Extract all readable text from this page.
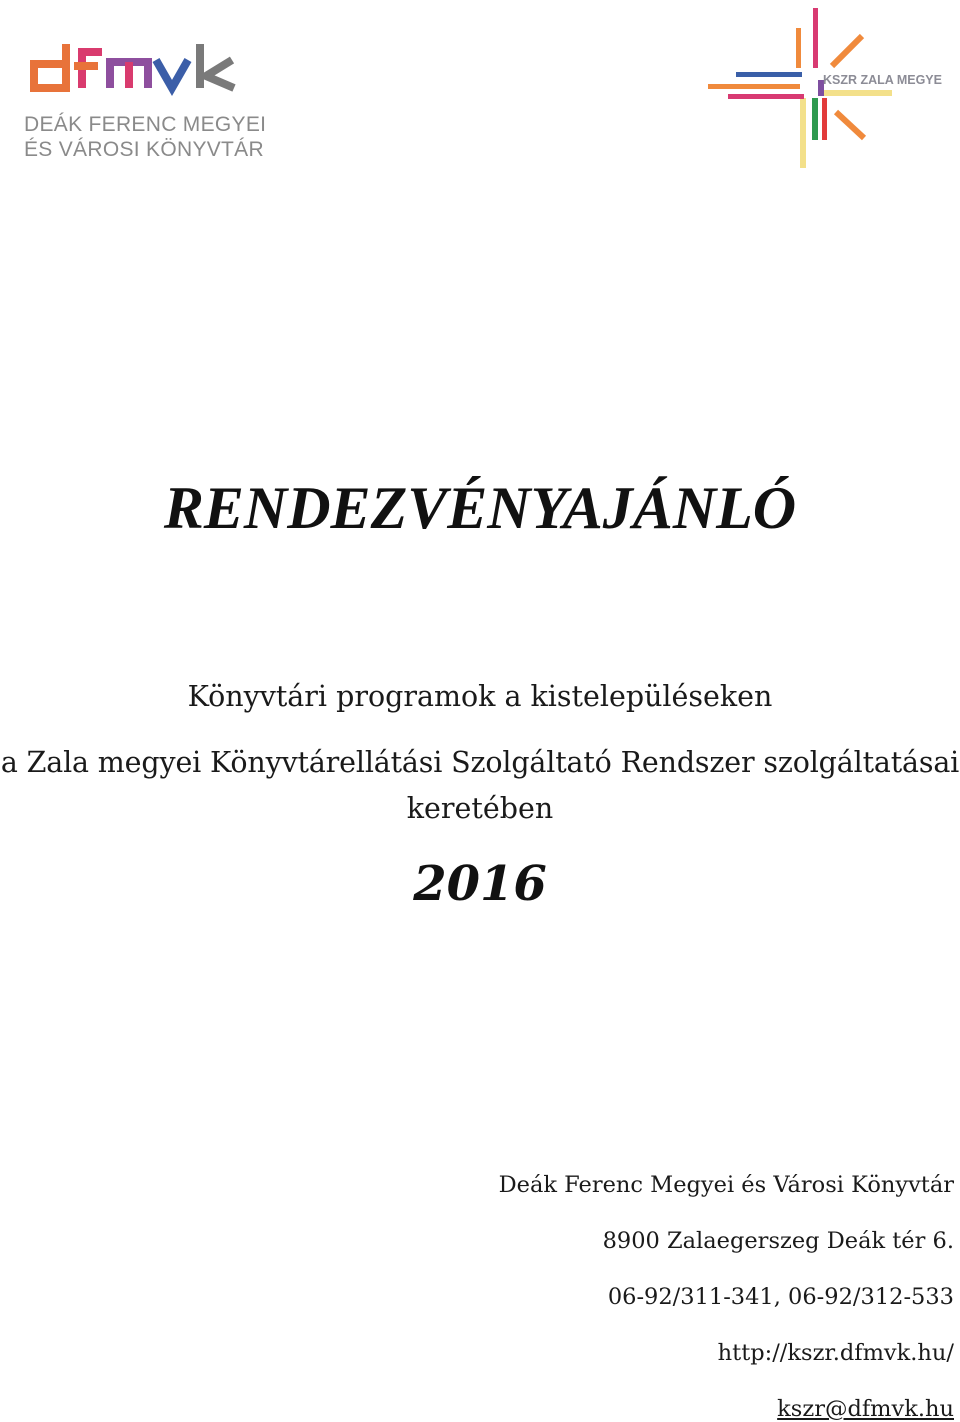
DEÁK FERENC MEGYEI
ÉS VÁROSI KÖNYVTÁR
KSZR ZALA MEGYE
RENDEZVÉNYAJÁNLÓ
Könyvtári programok a kistelepüléseken
a Zala megyei Könyvtárellátási Szolgáltató Rendszer szolgáltatásai
keretében
2016
Deák Ferenc Megyei és Városi Könyvtár
8900 Zalaegerszeg Deák tér 6.
06-92/311-341, 06-92/312-533
http://kszr.dfmvk.hu/
kszr@dfmvk.hu
